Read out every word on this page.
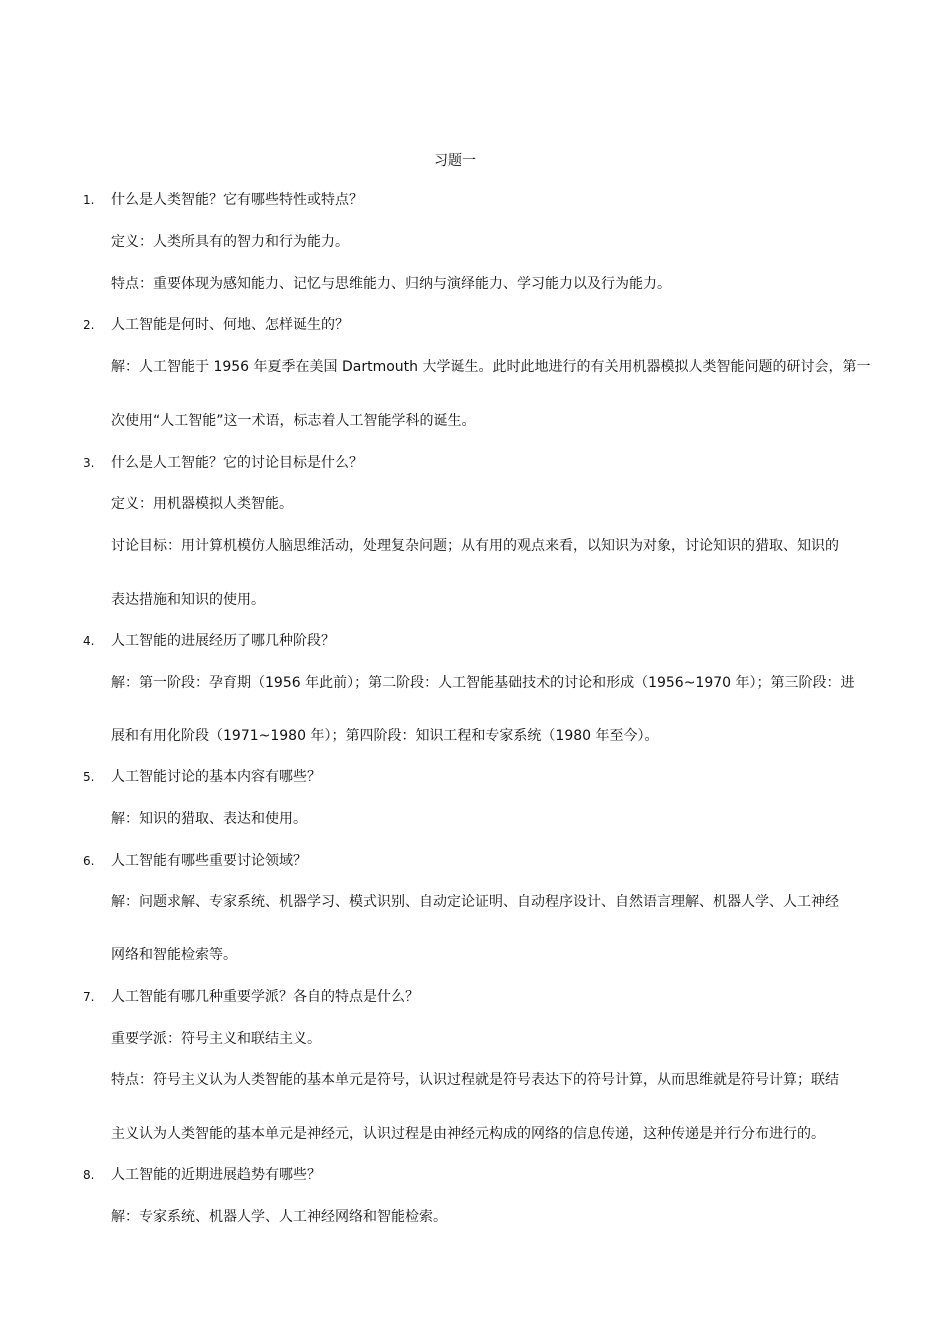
习题一
1. 什么是人类智能？它有哪些特性或特点？
定义：人类所具有的智力和行为能力。
特点：重要体现为感知能力、记忆与思维能力、归纳与演绎能力、学习能力以及行为能力。
2. 人工智能是何时、何地、怎样诞生的？
解：人工智能于 1956 年夏季在美国 Dartmouth 大学诞生。此时此地进行的有关用机器模拟人类智能问题的研讨会，第一
次使用“人工智能”这一术语，标志着人工智能学科的诞生。
3. 什么是人工智能？它的讨论目标是什么？
定义：用机器模拟人类智能。
讨论目标：用计算机模仿人脑思维活动，处理复杂问题；从有用的观点来看，以知识为对象，讨论知识的猎取、知识的
表达措施和知识的使用。
4. 人工智能的进展经历了哪几种阶段？
解：第一阶段：孕育期（1956 年此前）；第二阶段：人工智能基础技术的讨论和形成（1956~1970 年）；第三阶段：进
展和有用化阶段（1971~1980 年）；第四阶段：知识工程和专家系统（1980 年至今）。
5. 人工智能讨论的基本内容有哪些？
解：知识的猎取、表达和使用。
6. 人工智能有哪些重要讨论领域？
解：问题求解、专家系统、机器学习、模式识别、自动定论证明、自动程序设计、自然语言理解、机器人学、人工神经
网络和智能检索等。
7. 人工智能有哪几种重要学派？各自的特点是什么？
重要学派：符号主义和联结主义。
特点：符号主义认为人类智能的基本单元是符号，认识过程就是符号表达下的符号计算，从而思维就是符号计算；联结
主义认为人类智能的基本单元是神经元，认识过程是由神经元构成的网络的信息传递，这种传递是并行分布进行的。
8. 人工智能的近期进展趋势有哪些？
解：专家系统、机器人学、人工神经网络和智能检索。
